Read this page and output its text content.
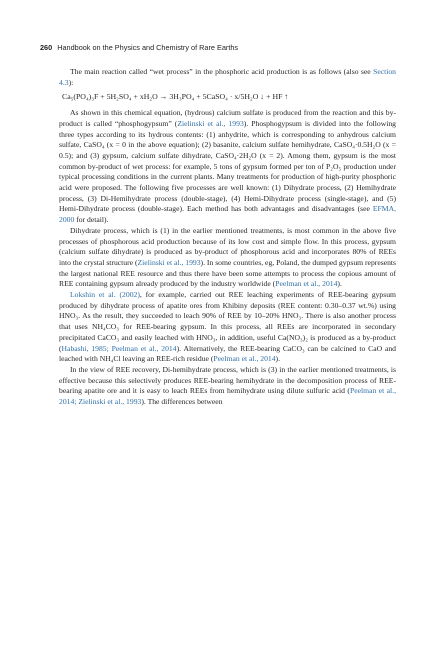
260 Handbook on the Physics and Chemistry of Rare Earths

The main reaction called “wet process” in the phosphoric acid production is as follows (also see Section 4.3):

Ca₅(PO₄)₃F + 5H₂SO₄ + xH₂O → 3H₃PO₄ + 5CaSO₄ · x/5H₂O ↓ + HF ↑

As shown in this chemical equation, (hydrous) calcium sulfate is produced from the reaction and this by-product is called “phosphogypsum” (Zielinski et al., 1993). Phosphogypsum is divided into the following three types according to its hydrous contents: (1) anhydrite, which is corresponding to anhydrous calcium sulfate, CaSO₄ (x = 0 in the above equation); (2) basanite, calcium sulfate hemihydrate, CaSO₄·0.5H₂O (x = 0.5); and (3) gypsum, calcium sulfate dihydrate, CaSO₄·2H₂O (x = 2). Among them, gypsum is the most common by-product of wet process: for example, 5 tons of gypsum formed per ton of P₂O₅ production under typical processing conditions in the current plants. Many treatments for production of high-purity phosphoric acid were proposed. The following five processes are well known: (1) Dihydrate process, (2) Hemihydrate process, (3) Di-Hemihydrate process (double-stage), (4) Hemi-Dihydrate process (single-stage), and (5) Hemi-Dihydrate process (double-stage). Each method has both advantages and disadvantages (see EFMA, 2000 for detail).

Dihydrate process, which is (1) in the earlier mentioned treatments, is most common in the above five processes of phosphorous acid production because of its low cost and simple flow. In this process, gypsum (calcium sulfate dihydrate) is produced as by-product of phosphorous acid and incorporates 80% of REEs into the crystal structure (Zielinski et al., 1993). In some countries, eg, Poland, the dumped gypsum represents the largest national REE resource and thus there have been some attempts to process the copious amount of REE containing gypsum already produced by the industry worldwide (Peelman et al., 2014).

Lokshin et al. (2002), for example, carried out REE leaching experiments of REE-bearing gypsum produced by dihydrate process of apatite ores from Khibiny deposits (REE content: 0.30–0.37 wt.%) using HNO₃. As the result, they succeeded to leach 90% of REE by 10–20% HNO₃. There is also another process that uses NH₄CO₃ for REE-bearing gypsum. In this process, all REEs are incorporated in secondary precipitated CaCO₃ and easily leached with HNO₃, in addition, useful Ca(NO₃)₂ is produced as a by-product (Habashi, 1985; Peelman et al., 2014). Alternatively, the REE-bearing CaCO₃ can be calcined to CaO and leached with NH₄Cl leaving an REE-rich residue (Peelman et al., 2014).

In the view of REE recovery, Di-hemihydrate process, which is (3) in the earlier mentioned treatments, is effective because this selectively produces REE-bearing hemihydrate in the decomposition process of REE-bearing apatite ore and it is easy to leach REEs from hemihydrate using dilute sulfuric acid (Peelman et al., 2014; Zielinski et al., 1993). The differences between
